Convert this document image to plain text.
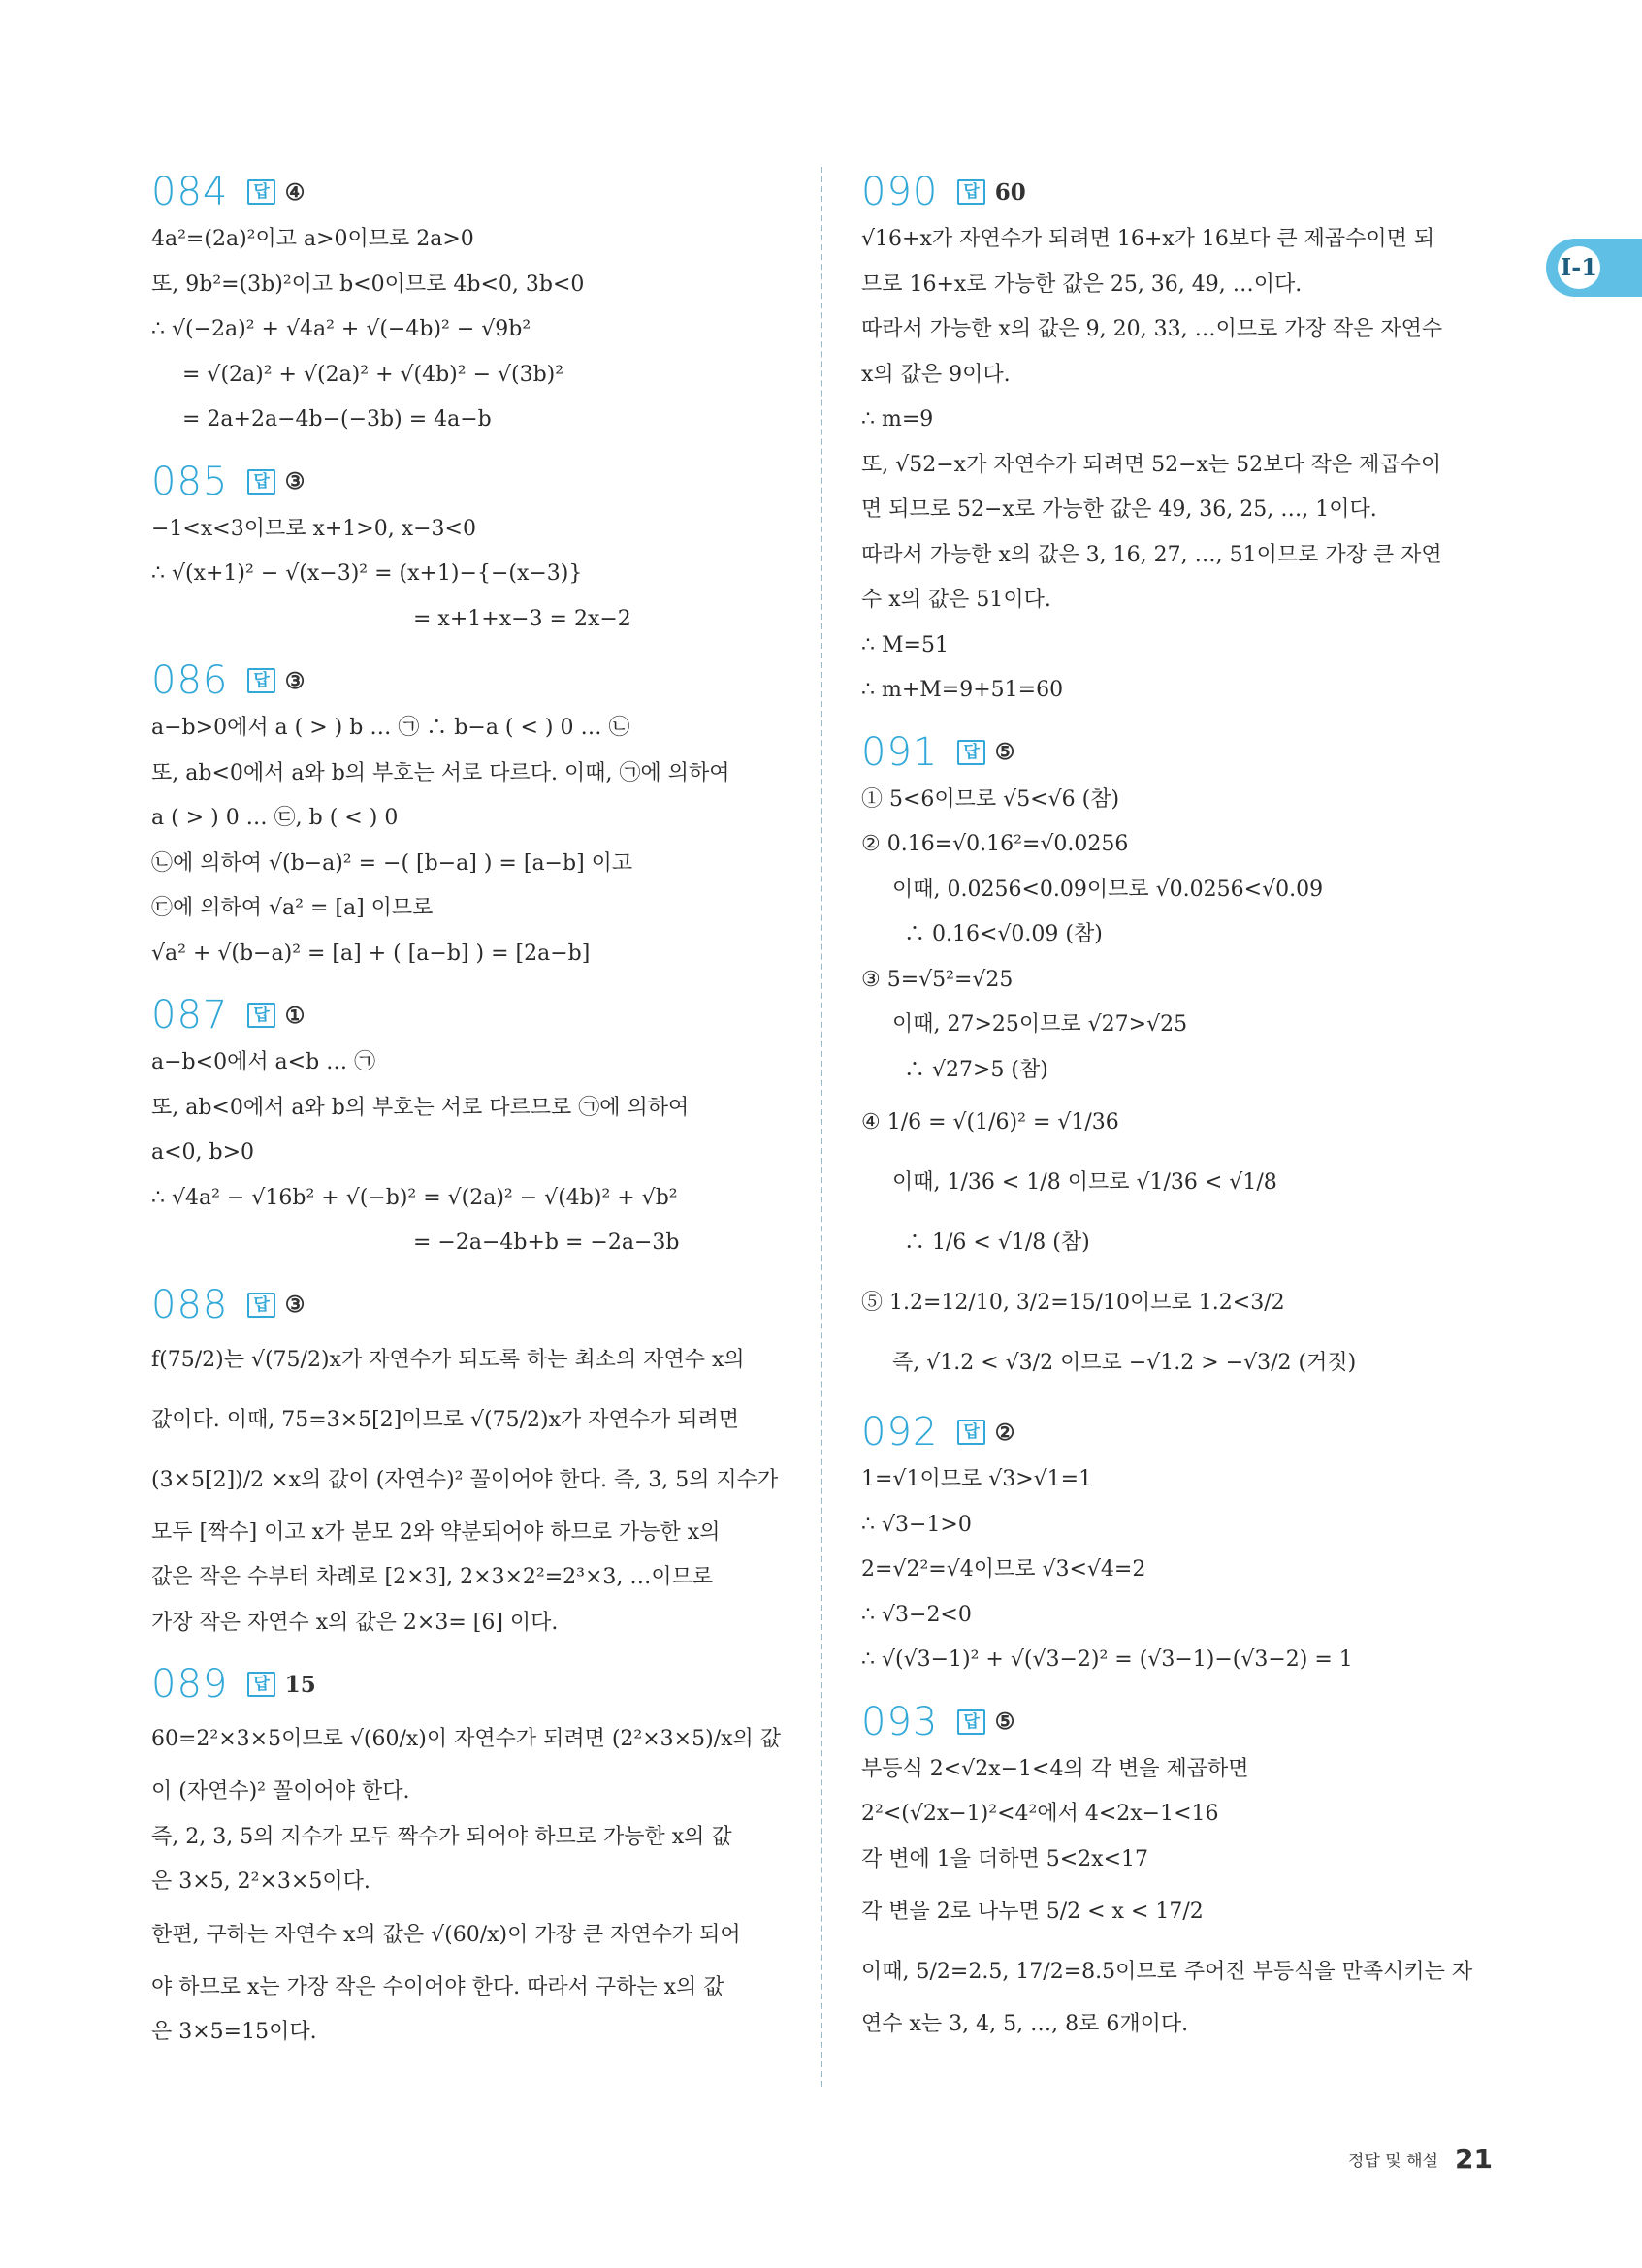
084	답 ④
4a²=(2a)²이고 a>0이므로 2a>0
또, 9b²=(3b)²이고 b<0이므로 4b<0, 3b<0
∴ √(−2a)² + √4a² + √(−4b)² − √9b²
= √(2a)² + √(2a)² + √(4b)² − √(3b)²
= 2a+2a−4b−(−3b) = 4a−b
085	답 ③
−1<x<3이므로 x+1>0, x−3<0
∴ √(x+1)² − √(x−3)² = (x+1)−{−(x−3)}
= x+1+x−3 = 2x−2
086	답 ③
a−b>0에서 a ( > ) b … ㉠ ∴ b−a ( < ) 0 … ㉡
또, ab<0에서 a와 b의 부호는 서로 다르다. 이때, ㉠에 의하여
a ( > ) 0 … ㉢, b ( < ) 0
㉡에 의하여 √(b−a)² = −( [b−a] ) = [a−b] 이고
㉢에 의하여 √a² = [a] 이므로
√a² + √(b−a)² = [a] + ( [a−b] ) = [2a−b]
087	답 ①
a−b<0에서 a<b … ㉠
또, ab<0에서 a와 b의 부호는 서로 다르므로 ㉠에 의하여
a<0, b>0
∴ √4a² − √16b² + √(−b)² = √(2a)² − √(4b)² + √b²
= −2a−4b+b = −2a−3b
088	답 ③
f(75/2)는 √(75/2)x가 자연수가 되도록 하는 최소의 자연수 x의
값이다. 이때, 75=3×5[2]이므로 √(75/2)x가 자연수가 되려면
(3×5[2])/2 ×x의 값이 (자연수)² 꼴이어야 한다. 즉, 3, 5의 지수가
모두 [짝수] 이고 x가 분모 2와 약분되어야 하므로 가능한 x의
값은 작은 수부터 차례로 [2×3], 2×3×2²=2³×3, …이므로
가장 작은 자연수 x의 값은 2×3= [6] 이다.
089	답 15
60=2²×3×5이므로 √(60/x)이 자연수가 되려면 (2²×3×5)/x의 값
이 (자연수)² 꼴이어야 한다.
즉, 2, 3, 5의 지수가 모두 짝수가 되어야 하므로 가능한 x의 값
은 3×5, 2²×3×5이다.
한편, 구하는 자연수 x의 값은 √(60/x)이 가장 큰 자연수가 되어
야 하므로 x는 가장 작은 수이어야 한다. 따라서 구하는 x의 값
은 3×5=15이다.
090	답 60
√16+x가 자연수가 되려면 16+x가 16보다 큰 제곱수이면 되
므로 16+x로 가능한 값은 25, 36, 49, …이다.
따라서 가능한 x의 값은 9, 20, 33, …이므로 가장 작은 자연수
x의 값은 9이다.
∴ m=9
또, √52−x가 자연수가 되려면 52−x는 52보다 작은 제곱수이
면 되므로 52−x로 가능한 값은 49, 36, 25, …, 1이다.
따라서 가능한 x의 값은 3, 16, 27, …, 51이므로 가장 큰 자연
수 x의 값은 51이다.
∴ M=51
∴ m+M=9+51=60
091	답 ⑤
① 5<6이므로 √5<√6 (참)
② 0.16=√0.16²=√0.0256
이때, 0.0256<0.09이므로 √0.0256<√0.09
∴ 0.16<√0.09 (참)
③ 5=√5²=√25
이때, 27>25이므로 √27>√25
∴ √27>5 (참)
④ 1/6 = √(1/6)² = √1/36
이때, 1/36 < 1/8 이므로 √1/36 < √1/8
∴ 1/6 < √1/8 (참)
⑤ 1.2=12/10, 3/2=15/10이므로 1.2<3/2
즉, √1.2 < √3/2 이므로 −√1.2 > −√3/2 (거짓)
092	답 ②
1=√1이므로 √3>√1=1
∴ √3−1>0
2=√2²=√4이므로 √3<√4=2
∴ √3−2<0
∴ √(√3−1)² + √(√3−2)² = (√3−1)−(√3−2) = 1
093	답 ⑤
부등식 2<√2x−1<4의 각 변을 제곱하면
2²<(√2x−1)²<4²에서 4<2x−1<16
각 변에 1을 더하면 5<2x<17
각 변을 2로 나누면 5/2 < x < 17/2
이때, 5/2=2.5, 17/2=8.5이므로 주어진 부등식을 만족시키는 자
연수 x는 3, 4, 5, …, 8로 6개이다.
I-1
정답 및 해설 21
